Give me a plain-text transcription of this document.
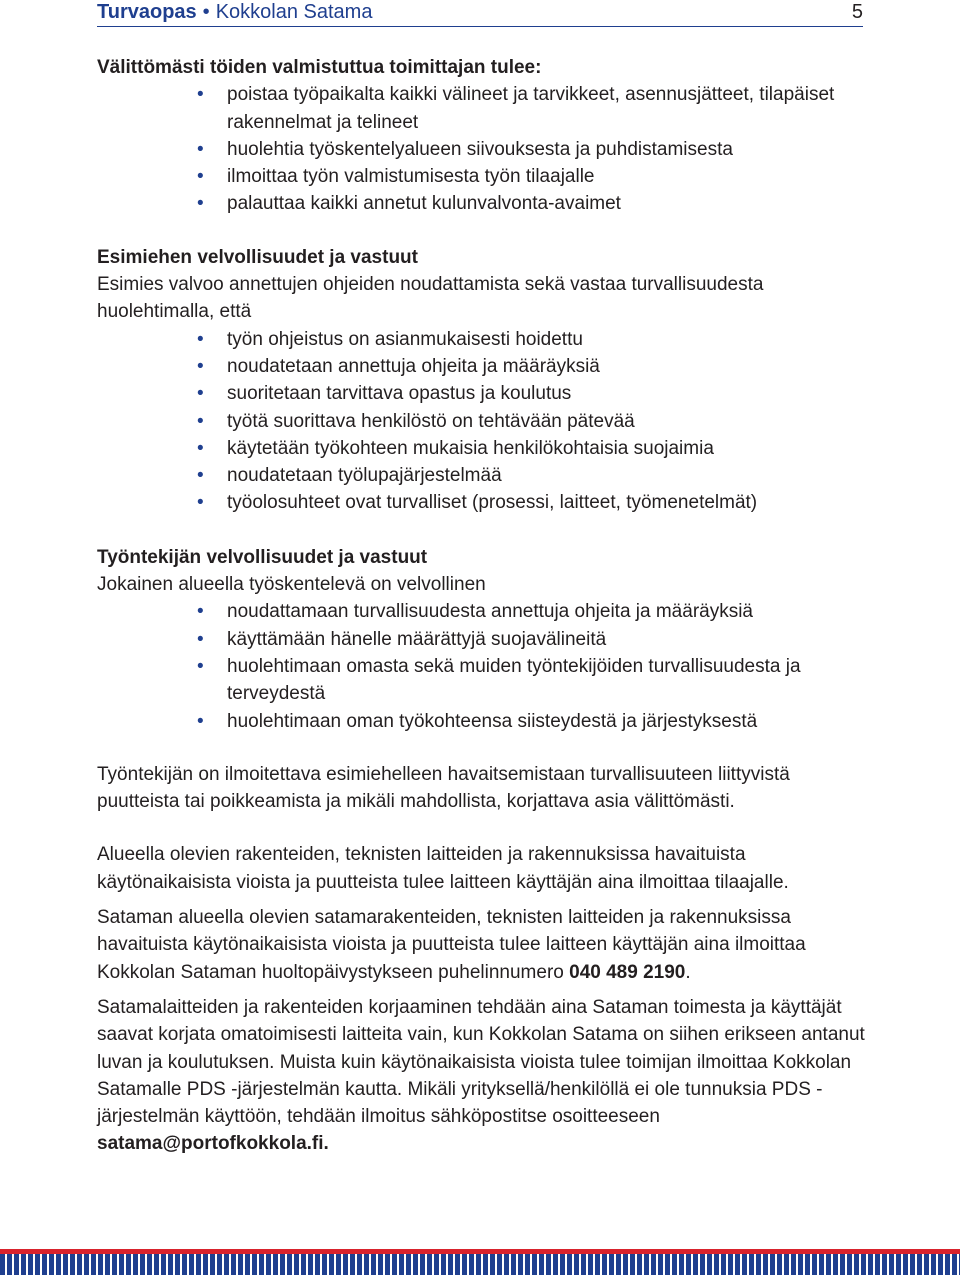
Turvaopas • Kokkolan Satama	5

Välittömästi töiden valmistuttua toimittajan tulee:

• poistaa työpaikalta kaikki välineet ja tarvikkeet, asennusjätteet, tilapäiset rakennelmat ja telineet
• huolehtia työskentelyalueen siivouksesta ja puhdistamisesta
• ilmoittaa työn valmistumisesta työn tilaajalle
• palauttaa kaikki annetut kulunvalvonta-avaimet

Esimiehen velvollisuudet ja vastuut

Esimies valvoo annettujen ohjeiden noudattamista sekä vastaa turvallisuudesta huolehtimalla, että

• työn ohjeistus on asianmukaisesti hoidettu
• noudatetaan annettuja ohjeita ja määräyksiä
• suoritetaan tarvittava opastus ja koulutus
• työtä suorittava henkilöstö on tehtävään pätevää
• käytetään työkohteen mukaisia henkilökohtaisia suojaimia
• noudatetaan työlupajärjestelmää
• työolosuhteet ovat turvalliset (prosessi, laitteet, työmenetelmät)

Työntekijän velvollisuudet ja vastuut

Jokainen alueella työskentelevä on velvollinen

• noudattamaan turvallisuudesta annettuja ohjeita ja määräyksiä
• käyttämään hänelle määrättyjä suojavälineitä
• huolehtimaan omasta sekä muiden työntekijöiden turvallisuudesta ja terveydestä
• huolehtimaan oman työkohteensa siisteydestä ja järjestyksestä

Työntekijän on ilmoitettava esimiehelleen havaitsemistaan turvallisuuteen liittyvistä puutteista tai poikkeamista ja mikäli mahdollista, korjattava asia välittömästi.

Alueella olevien rakenteiden, teknisten laitteiden ja rakennuksissa havaituista käytönaikaisista vioista ja puutteista tulee laitteen käyttäjän aina ilmoittaa tilaajalle.

Sataman alueella olevien satamarakenteiden, teknisten laitteiden ja rakennuksissa havaituista käytönaikaisista vioista ja puutteista tulee laitteen käyttäjän aina ilmoittaa Kokkolan Sataman huoltopäivystykseen puhelinnumero 040 489 2190.

Satamalaitteiden ja rakenteiden korjaaminen tehdään aina Sataman toimesta ja käyttäjät saavat korjata omatoimisesti laitteita vain, kun Kokkolan Satama on siihen erikseen antanut luvan ja koulutuksen. Muista kuin käytönaikaisista vioista tulee toimijan ilmoittaa Kokkolan Satamalle PDS -järjestelmän kautta. Mikäli yrityksellä/henkilöllä ei ole tunnuksia PDS -järjestelmän käyttöön, tehdään ilmoitus sähköpostitse osoitteeseen satama@portofkokkola.fi.
